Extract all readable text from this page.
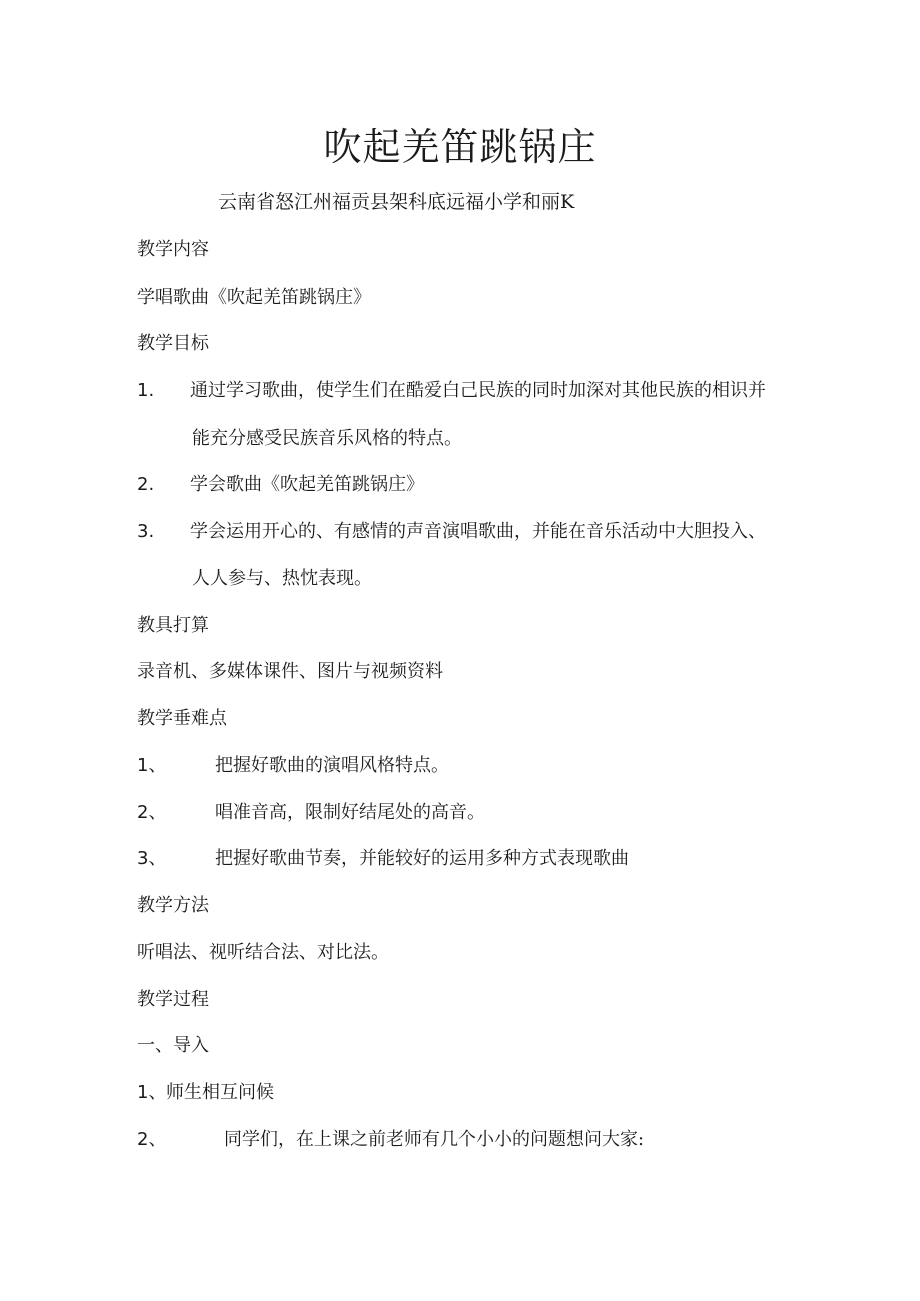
吹起羌笛跳锅庄
云南省怒江州福贡县架科底远福小学和丽K
教学内容
学唱歌曲《吹起羌笛跳锅庄》
教学目标
1. 通过学习歌曲，使学生们在酷爱白己民族的同时加深对其他民族的相识并
能充分感受民族音乐风格的特点。
2. 学会歌曲《吹起羌笛跳锅庄》
3. 学会运用开心的、有感情的声音演唱歌曲，并能在音乐活动中大胆投入、
人人参与、热忱表现。
教具打算
录音机、多媒体课件、图片与视频资料
教学垂难点
1、	把握好歌曲的演唱风格特点。
2、	唱准音高，限制好结尾处的高音。
3、	把握好歌曲节奏，并能较好的运用多种方式表现歌曲
教学方法
听唱法、视听结合法、对比法。
教学过程
一、导入
1、 师生相互问候
2、	同学们，在上课之前老师有几个小小的问题想问大家:
